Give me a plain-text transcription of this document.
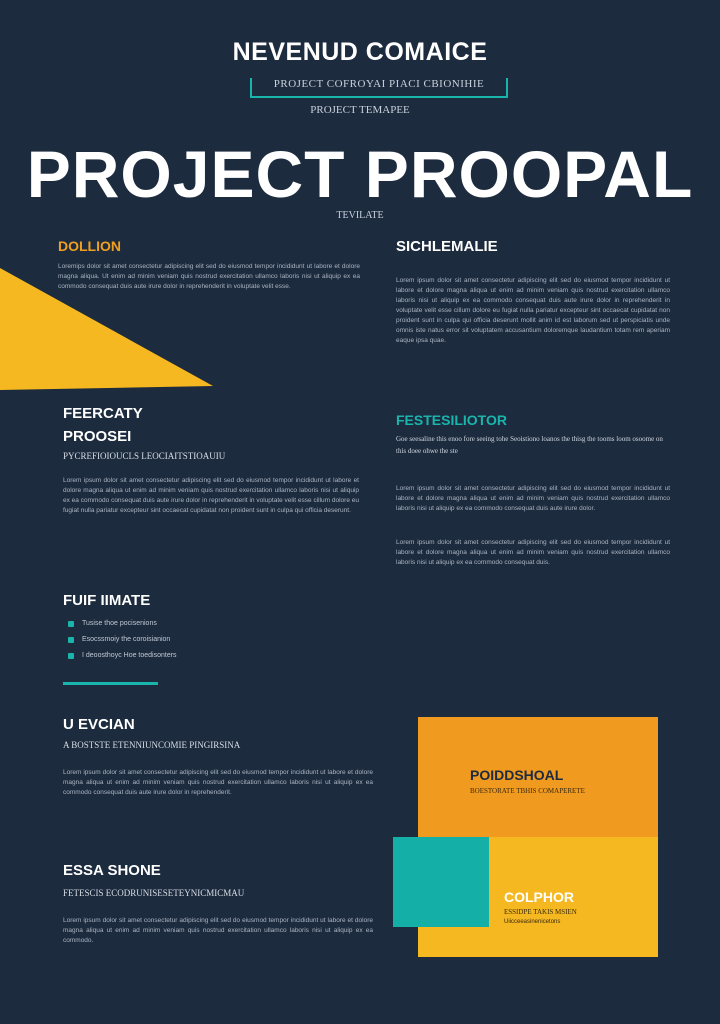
NEVENUD COMAICE
PROJECT COFROYAI PIACI CBIONIHIE
PROJECT TEMAPEE
PROJECT PROOPAL
TEVILATE
DOLLION
Loremips dolor sit amet consectetur adipiscing elit sed do eiusmod tempor incididunt ut labore et dolore magna aliqua. Ut enim ad minim veniam quis nostrud exercitation ullamco laboris nisi ut aliquip ex ea commodo consequat duis aute irure dolor in reprehenderit in voluptate velit esse.
FEERCATY
PROOSEI
PYCREFIOIOUCLS LEOCIAITSTIOAUIU
Lorem ipsum dolor sit amet consectetur adipiscing elit sed do eiusmod tempor incididunt ut labore et dolore magna aliqua ut enim ad minim veniam quis nostrud exercitation ullamco laboris nisi ut aliquip ex ea commodo consequat duis aute irure dolor in reprehenderit in voluptate velit esse cillum dolore eu fugiat nulla pariatur excepteur sint occaecat cupidatat non proident sunt in culpa qui officia deserunt.
FUIF IIMATE
Tusise thoe pocisenions
Esocssmoiy the coroisianion
I deoosthoyc Hoe toedisonters
U EVCIAN
A BOSTSTE ETENNIUNCOMIE PINGIRSINA
Lorem ipsum dolor sit amet consectetur adipiscing elit sed do eiusmod tempor incididunt ut labore et dolore magna aliqua ut enim ad minim veniam quis nostrud exercitation ullamco laboris nisi ut aliquip ex ea commodo consequat duis aute irure dolor in reprehenderit.
ESSA SHONE
FETESCIS ECODRUNISESETEYNICMICMAU
Lorem ipsum dolor sit amet consectetur adipiscing elit sed do eiusmod tempor incididunt ut labore et dolore magna aliqua ut enim ad minim veniam quis nostrud exercitation ullamco laboris nisi ut aliquip ex ea commodo.
SICHLEMALIE
Lorem ipsum dolor sit amet consectetur adipiscing elit sed do eiusmod tempor incididunt ut labore et dolore magna aliqua ut enim ad minim veniam quis nostrud exercitation ullamco laboris nisi ut aliquip ex ea commodo consequat duis aute irure dolor in reprehenderit in voluptate velit esse cillum dolore eu fugiat nulla pariatur excepteur sint occaecat cupidatat non proident sunt in culpa qui officia deserunt mollit anim id est laborum sed ut perspiciatis unde omnis iste natus error sit voluptatem accusantium doloremque laudantium totam rem aperiam eaque ipsa quae.
FESTESILIOTOR
Goe seesaline this enoo fore seeing tohe Seoistiono loanos the thisg the tooms loom osoome on this doee ohwe the ste
Lorem ipsum dolor sit amet consectetur adipiscing elit sed do eiusmod tempor incididunt ut labore et dolore magna aliqua ut enim ad minim veniam quis nostrud exercitation ullamco laboris nisi ut aliquip ex ea commodo consequat duis aute irure dolor.
Lorem ipsum dolor sit amet consectetur adipiscing elit sed do eiusmod tempor incididunt ut labore et dolore magna aliqua ut enim ad minim veniam quis nostrud exercitation ullamco laboris nisi ut aliquip ex ea commodo consequat duis.
POIDDSHOAL
BOESTORATE TBHIS COMAPERETE
COLPHOR
ESSIDPE TAKIS MSIEN
Uiicceeasinenicetons
